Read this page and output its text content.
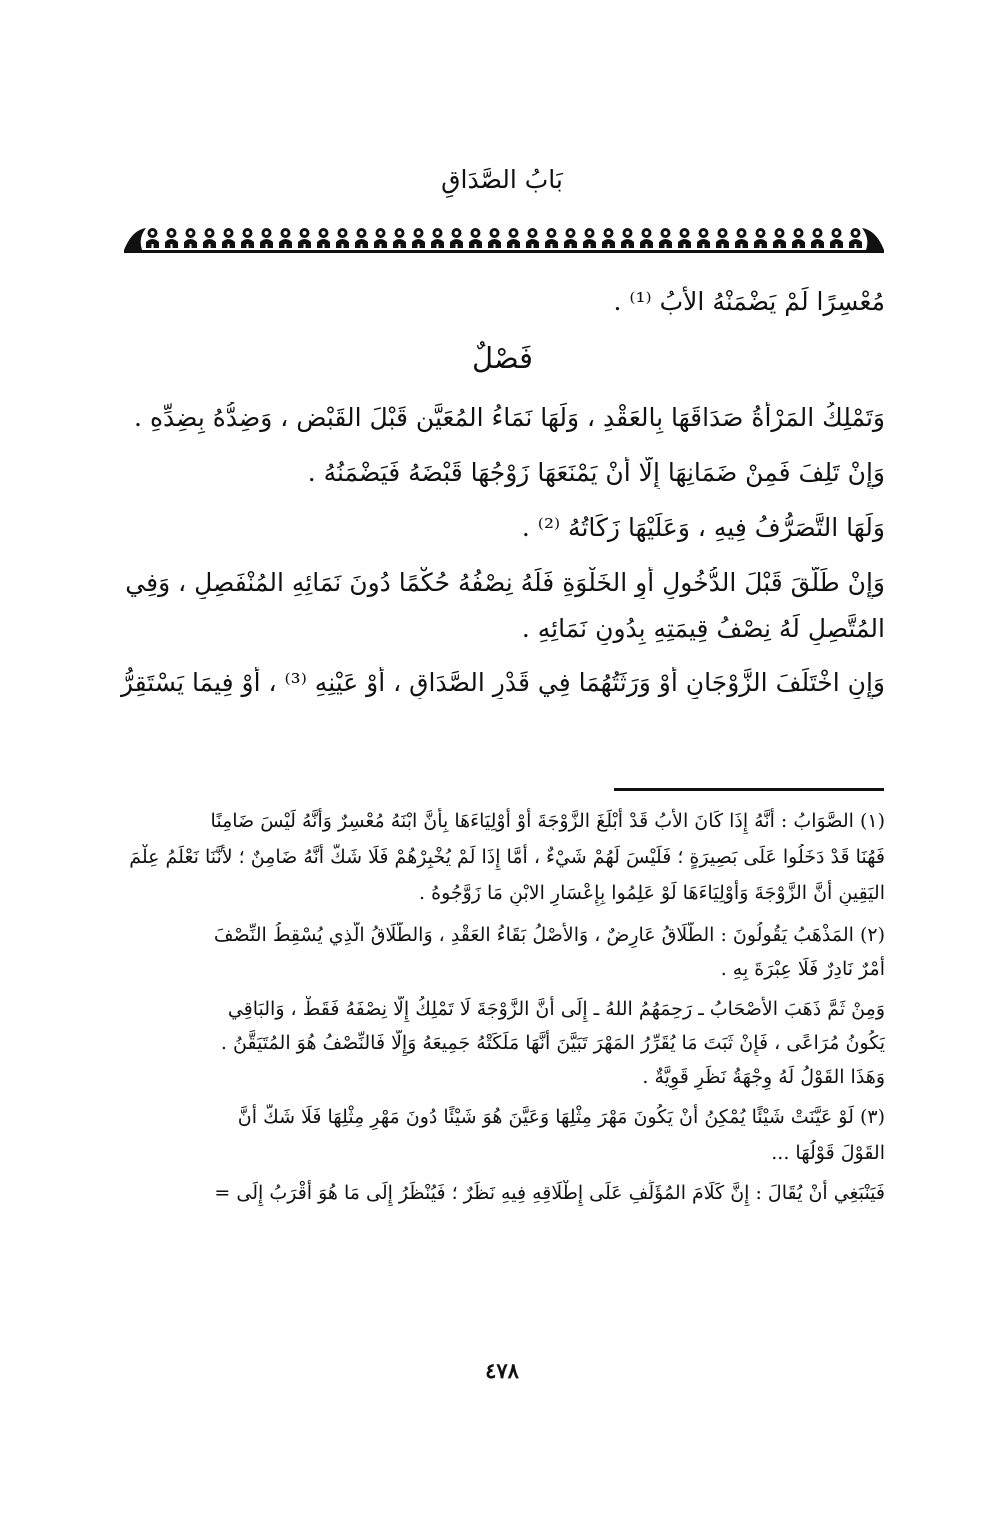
بَابُ الصَّدَاقِ

مُعْسِرًا لَمْ يَضْمَنْهُ الأَبُ ⁽¹⁾ .

فَصْلٌ

وَتَمْلِكُ المَرْأَةُ صَدَاقَهَا بِالعَقْدِ ، وَلَهَا نَمَاءُ المُعَيَّنِ قَبْلَ القَبْضِ ، وَضِدُّهُ بِضِدِّهِ .

وَإِنْ تَلِفَ فَمِنْ ضَمَانِهَا إِلَّا أَنْ يَمْنَعَهَا زَوْجُهَا قَبْضَهُ فَيَضْمَنُهُ .

وَلَهَا التَّصَرُّفُ فِيهِ ، وَعَلَيْهَا زَكَاتُهُ ⁽²⁾ .

وَإِنْ طَلَّقَ قَبْلَ الدُّخُولِ أَوِ الخَلْوَةِ فَلَهُ نِصْفُهُ حُكْمًا دُونَ نَمَائِهِ المُنْفَصِلِ ، وَفِي

المُتَّصِلِ لَهُ نِصْفُ قِيمَتِهِ بِدُونِ نَمَائِهِ .

وَإِنِ اخْتَلَفَ الزَّوْجَانِ أَوْ وَرَثَتُهُمَا فِي قَدْرِ الصَّدَاقِ ، أَوْ عَيْنِهِ ⁽³⁾ ، أَوْ فِيمَا يَسْتَقِرُّ

(١) الصَّوَابُ : أَنَّهُ إِذَا كَانَ الأَبُ قَدْ أَبْلَغَ الزَّوْجَةَ أَوْ أَوْلِيَاءَهَا بِأَنَّ ابْنَهُ مُعْسِرٌ وَأَنَّهُ لَيْسَ ضَامِنًا

فَهُنَا قَدْ دَخَلُوا عَلَى بَصِيرَةٍ ؛ فَلَيْسَ لَهُمْ شَيْءٌ ، أَمَّا إِذَا لَمْ يُخْبِرْهُمْ فَلَا شَكَّ أَنَّهُ ضَامِنٌ ؛ لأَنَّنَا نَعْلَمُ عِلْمَ

اليَقِينِ أَنَّ الزَّوْجَةَ وَأَوْلِيَاءَهَا لَوْ عَلِمُوا بِإِعْسَارِ الابْنِ مَا زَوَّجُوهُ .

(٢) المَذْهَبُ يَقُولُونَ : الطَّلَاقُ عَارِضٌ ، وَالأَصْلُ بَقَاءُ العَقْدِ ، وَالطَّلَاقُ الَّذِي يُسْقِطُ النِّصْفَ

أَمْرٌ نَادِرٌ فَلَا عِبْرَةَ بِهِ .

وَمِنْ ثَمَّ ذَهَبَ الأَصْحَابُ ـ رَحِمَهُمُ اللهُ ـ إِلَى أَنَّ الزَّوْجَةَ لَا تَمْلِكُ إِلَّا نِصْفَهُ فَقَطْ ، وَالبَاقِي

يَكُونُ مُرَاعًى ، فَإِنْ ثَبَتَ مَا يُقَرِّرُ المَهْرَ تَبَيَّنَ أَنَّهَا مَلَكَتْهُ جَمِيعَهُ وَإِلَّا فَالنِّصْفُ هُوَ المُتَيَقَّنُ .

وَهَذَا القَوْلُ لَهُ وِجْهَةُ نَظَرٍ قَوِيَّةٌ .

(٣) لَوْ عَيَّنَتْ شَيْئًا يُمْكِنُ أَنْ يَكُونَ مَهْرَ مِثْلِهَا وَعَيَّنَ هُوَ شَيْئًا دُونَ مَهْرِ مِثْلِهَا فَلَا شَكَّ أَنَّ

القَوْلَ قَوْلُهَا ...

فَيَنْبَغِي أَنْ يُقَالَ : إِنَّ كَلَامَ المُؤَلِّفِ عَلَى إِطْلَاقِهِ فِيهِ نَظَرٌ ؛ فَيُنْظَرُ إِلَى مَا هُوَ أَقْرَبُ إِلَى =

٤٧٨
